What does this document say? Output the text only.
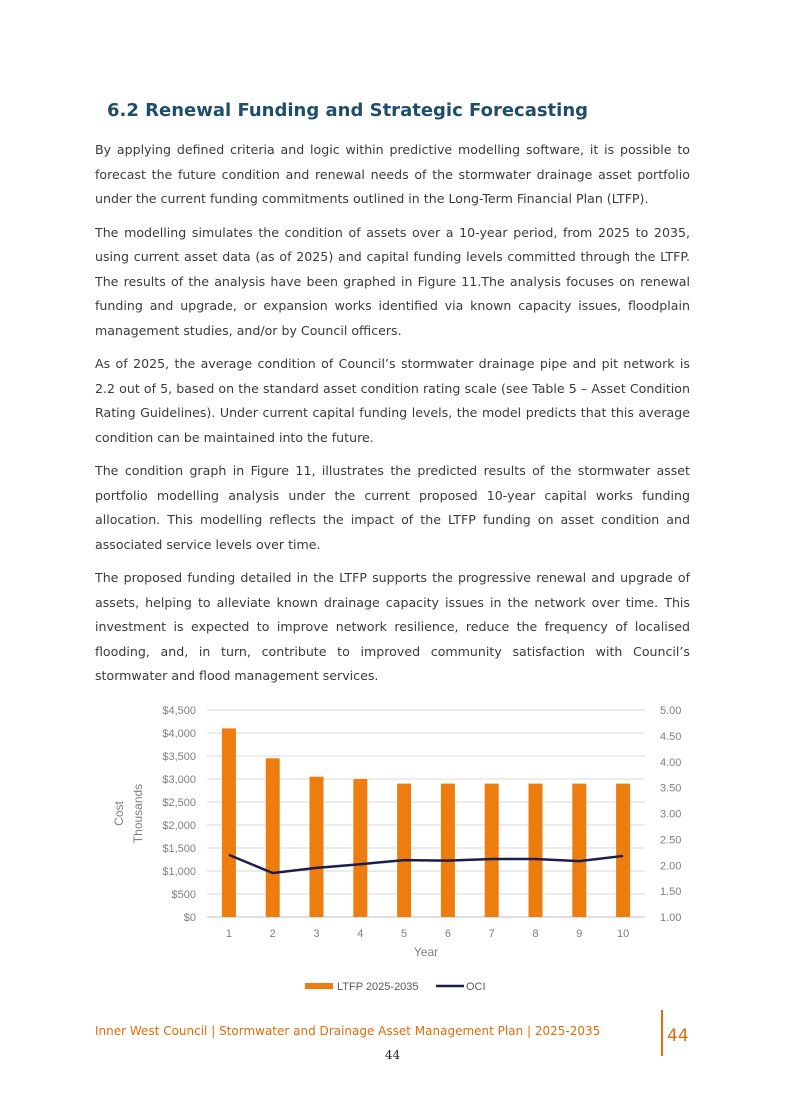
6.2 Renewal Funding and Strategic Forecasting

By applying defined criteria and logic within predictive modelling software, it is possible to forecast the future condition and renewal needs of the stormwater drainage asset portfolio under the current funding commitments outlined in the Long-Term Financial Plan (LTFP).

The modelling simulates the condition of assets over a 10-year period, from 2025 to 2035, using current asset data (as of 2025) and capital funding levels committed through the LTFP. The results of the analysis have been graphed in Figure 11.The analysis focuses on renewal funding and upgrade, or expansion works identified via known capacity issues, floodplain management studies, and/or by Council officers.

As of 2025, the average condition of Council’s stormwater drainage pipe and pit network is 2.2 out of 5, based on the standard asset condition rating scale (see Table 5 – Asset Condition Rating Guidelines). Under current capital funding levels, the model predicts that this average condition can be maintained into the future.

The condition graph in Figure 11, illustrates the predicted results of the stormwater asset portfolio modelling analysis under the current proposed 10-year capital works funding allocation. This modelling reflects the impact of the LTFP funding on asset condition and associated service levels over time.

The proposed funding detailed in the LTFP supports the progressive renewal and upgrade of assets, helping to alleviate known drainage capacity issues in the network over time. This investment is expected to improve network resilience, reduce the frequency of localised flooding, and, in turn, contribute to improved community satisfaction with Council’s stormwater and flood management services.

$0
$500
$1,000
$1,500
$2,000
$2,500
$3,000
$3,500
$4,000
$4,500
1.00
1.50
2.00
2.50
3.00
3.50
4.00
4.50
5.00
1	2	3	4	5	6	7	8	9	10
Year
Cost Thousands
LTFP 2025-2035	OCI
Inner West Council | Stormwater and Drainage Asset Management Plan | 2025-2035	44
44
